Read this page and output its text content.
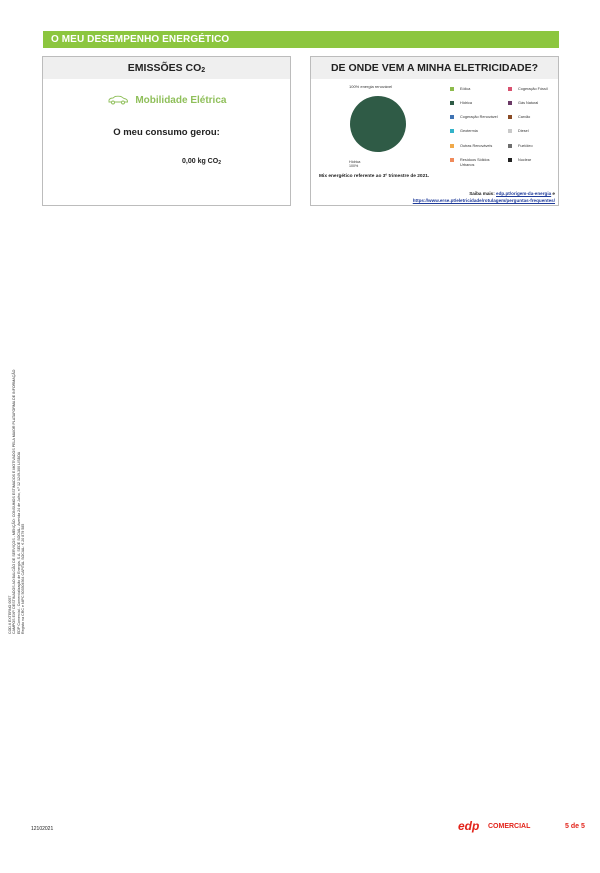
O MEU DESEMPENHO ENERGÉTICO
EMISSÕES $CO_2$
Mobilidade Elétrica
O meu consumo gerou:
0,00 kg $CO_2$
DE ONDE VEM A MINHA ELETRICIDADE?
100% energia renovável
Hídrica
100%
Eólica	Cogeração Fóssil
Hídrica	Gás Natural
Cogeração Renovável	Carvão
Geotermia	Diesel
Outras Renováveis	Fuelóleo
Resíduos Sólidos Urbanos
Nuclear
Mix energético referente ao 3º trimestre de 2021.
Saiba mais: edp.pt/origem-da-energia e
https://www.erse.pt/eletricidade/rotulagem/perguntas-frequentes/
COD.6 EXTERNO 0057 CAMPOS EXP. DESTINADOS AO BALCÃO DE SERVIÇOS - MENÇÃO: CONSUMOS ESTIMADOS E MOTIVADOS PELA MAIOR PLATAFORMA DE INFORMAÇÃO EDP Comercial - Comercialização de Energia, S.A. SEDE SOCIAL: Avenida 24 de Julho, n.º 12 1249-300 LISBOA Registo na CRC e NIPC 503504564 CAPITAL SOCIAL: € 20 879 585
12102021	edp COMERCIAL	5 de 5
